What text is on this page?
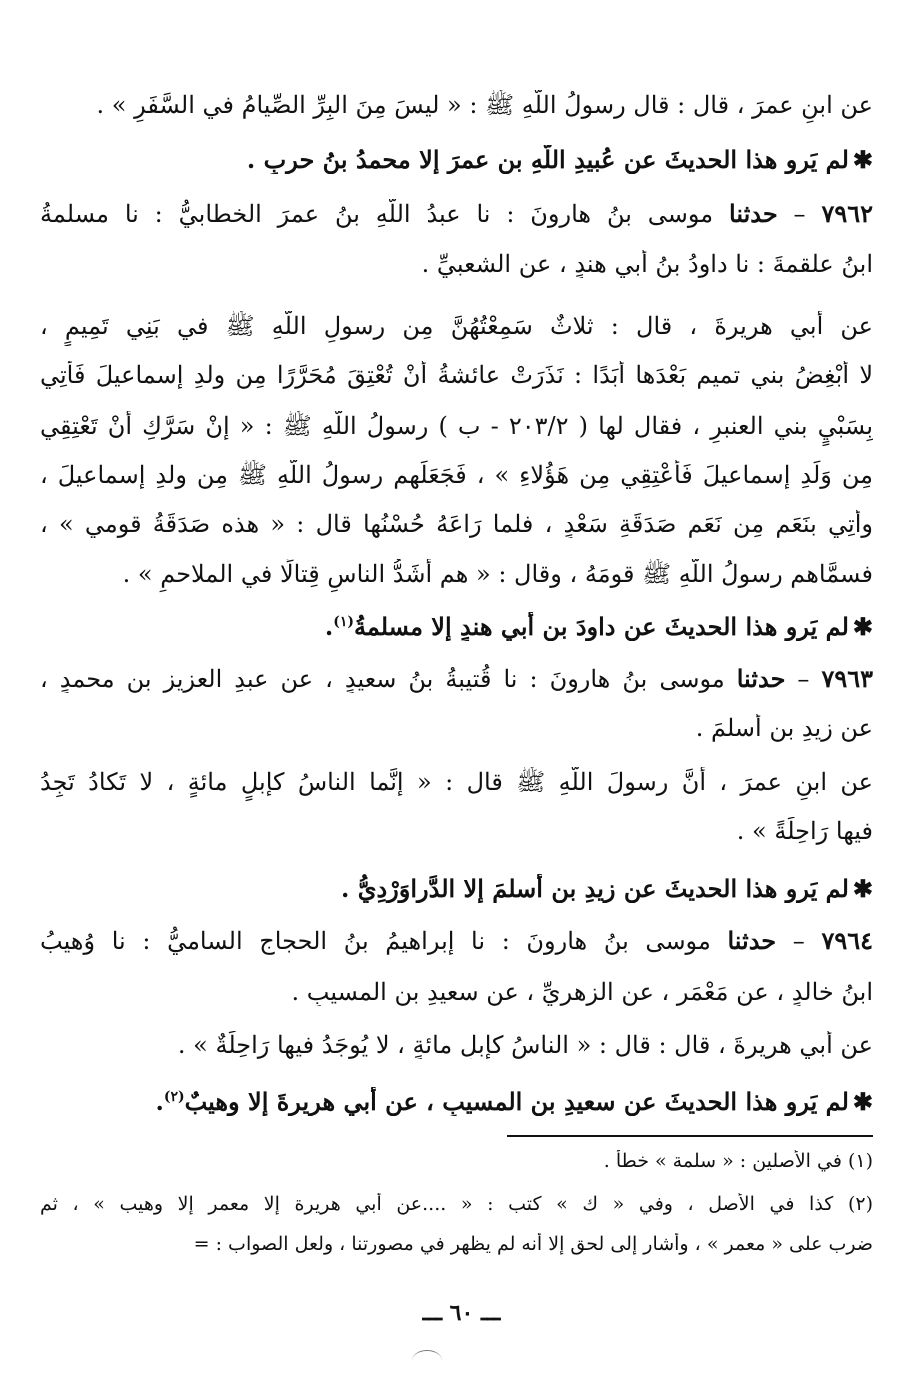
عن ابنِ عمرَ ، قال : قال رسولُ اللَّهِ ﷺ : « ليسَ مِنَ البِرِّ الصِّيامُ في السَّفَرِ » .
✱لم يَروِ هذا الحديثَ عن عُبيدِ اللَّهِ بنِ عمرَ إلا محمدُ بنُ حربٍ .
٧٩٦٢ – حدثنا موسى بنُ هارونَ : نا عبدُ اللَّهِ بنُ عمرَ الخطابيُّ : نا مسلمةُ
ابنُ علقمةَ : نا داودُ بنُ أبي هندٍ ، عن الشعبيِّ .
عن أبي هريرةَ ، قال : ثلاثٌ سَمِعْتُهُنَّ مِن رسولِ اللَّهِ ﷺ في بَنِي تَمِيمٍ ،
لا أُبْغِضُ بني تميم بَعْدَها أَبَدًا : نَذَرَتْ عائشةُ أَنْ تُعْتِقَ مُحَرَّرًا مِن ولدِ إسماعيلَ فَأُتِي
بِسَبْيٍ بني العنبرِ ، فقال لها ( ٢٠٣/٢ - ب ) رسولُ اللَّهِ ﷺ : « إنْ سَرَّكِ أَنْ تَعْتِقِي
مِن وَلَدِ إسماعيلَ فَأَعْتِقِي مِن هَؤُلاءِ » ، فَجَعَلَهم رسولُ اللَّهِ ﷺ مِن ولدِ إسماعيلَ ،
وأُتِي بنَعَمٍ مِن نَعَمِ صَدَقَةِ سَعْدٍ ، فلما رَاعَهُ حُسْنُها قال : « هذه صَدَقَةُ قومي » ،
فسمَّاهم رسولُ اللَّهِ ﷺ قومَهُ ، وقال : « هم أَشَدُّ الناسِ قِتالًا في الملاحمِ » .
✱لم يَروِ هذا الحديثَ عن داودَ بنِ أبي هندٍ إلا مسلمةُ$^{(١)}$.
٧٩٦٣ – حدثنا موسى بنُ هارونَ : نا قُتيبةُ بنُ سعيدٍ ، عن عبدِ العزيزِ بنِ محمدٍ ،
عن زيدِ بنِ أسلمَ .
عن ابنِ عمرَ ، أَنَّ رسولَ اللَّهِ ﷺ قال : « إنَّما الناسُ كإبلٍ مائةٍ ، لا تَكادُ تَجِدُ
فيها رَاحِلَةً » .
✱لم يَروِ هذا الحديثَ عن زيدِ بنِ أسلمَ إلا الدَّراوَرْدِيُّ .
٧٩٦٤ – حدثنا موسى بنُ هارونَ : نا إبراهيمُ بنُ الحجاجِ الساميُّ : نا وُهيبُ
ابنُ خالدٍ ، عن مَعْمَرٍ ، عن الزهريِّ ، عن سعيدِ بنِ المسيبِ .
عن أبي هريرةَ ، قال : قال : « الناسُ كإبلٍ مائةٍ ، لا يُوجَدُ فيها رَاحِلَةٌ » .
✱لم يَروِ هذا الحديثَ عن سعيدِ بنِ المسيبِ ، عن أبي هريرةَ إلا وهيبٌ$^{(٢)}$.
(١) في الأصلين : « سلمة » خطأ .
(٢) كذا في الأصل ، وفي « ك » كتب : « ....عن أبي هريرة إلا معمر إلا وهيب » ، ثم
ضرب على « معمر » ، وأشار إلى لحق إلا أنه لم يظهر في مصورتنا ، ولعل الصواب : =
ـــ ٦٠ ـــ
